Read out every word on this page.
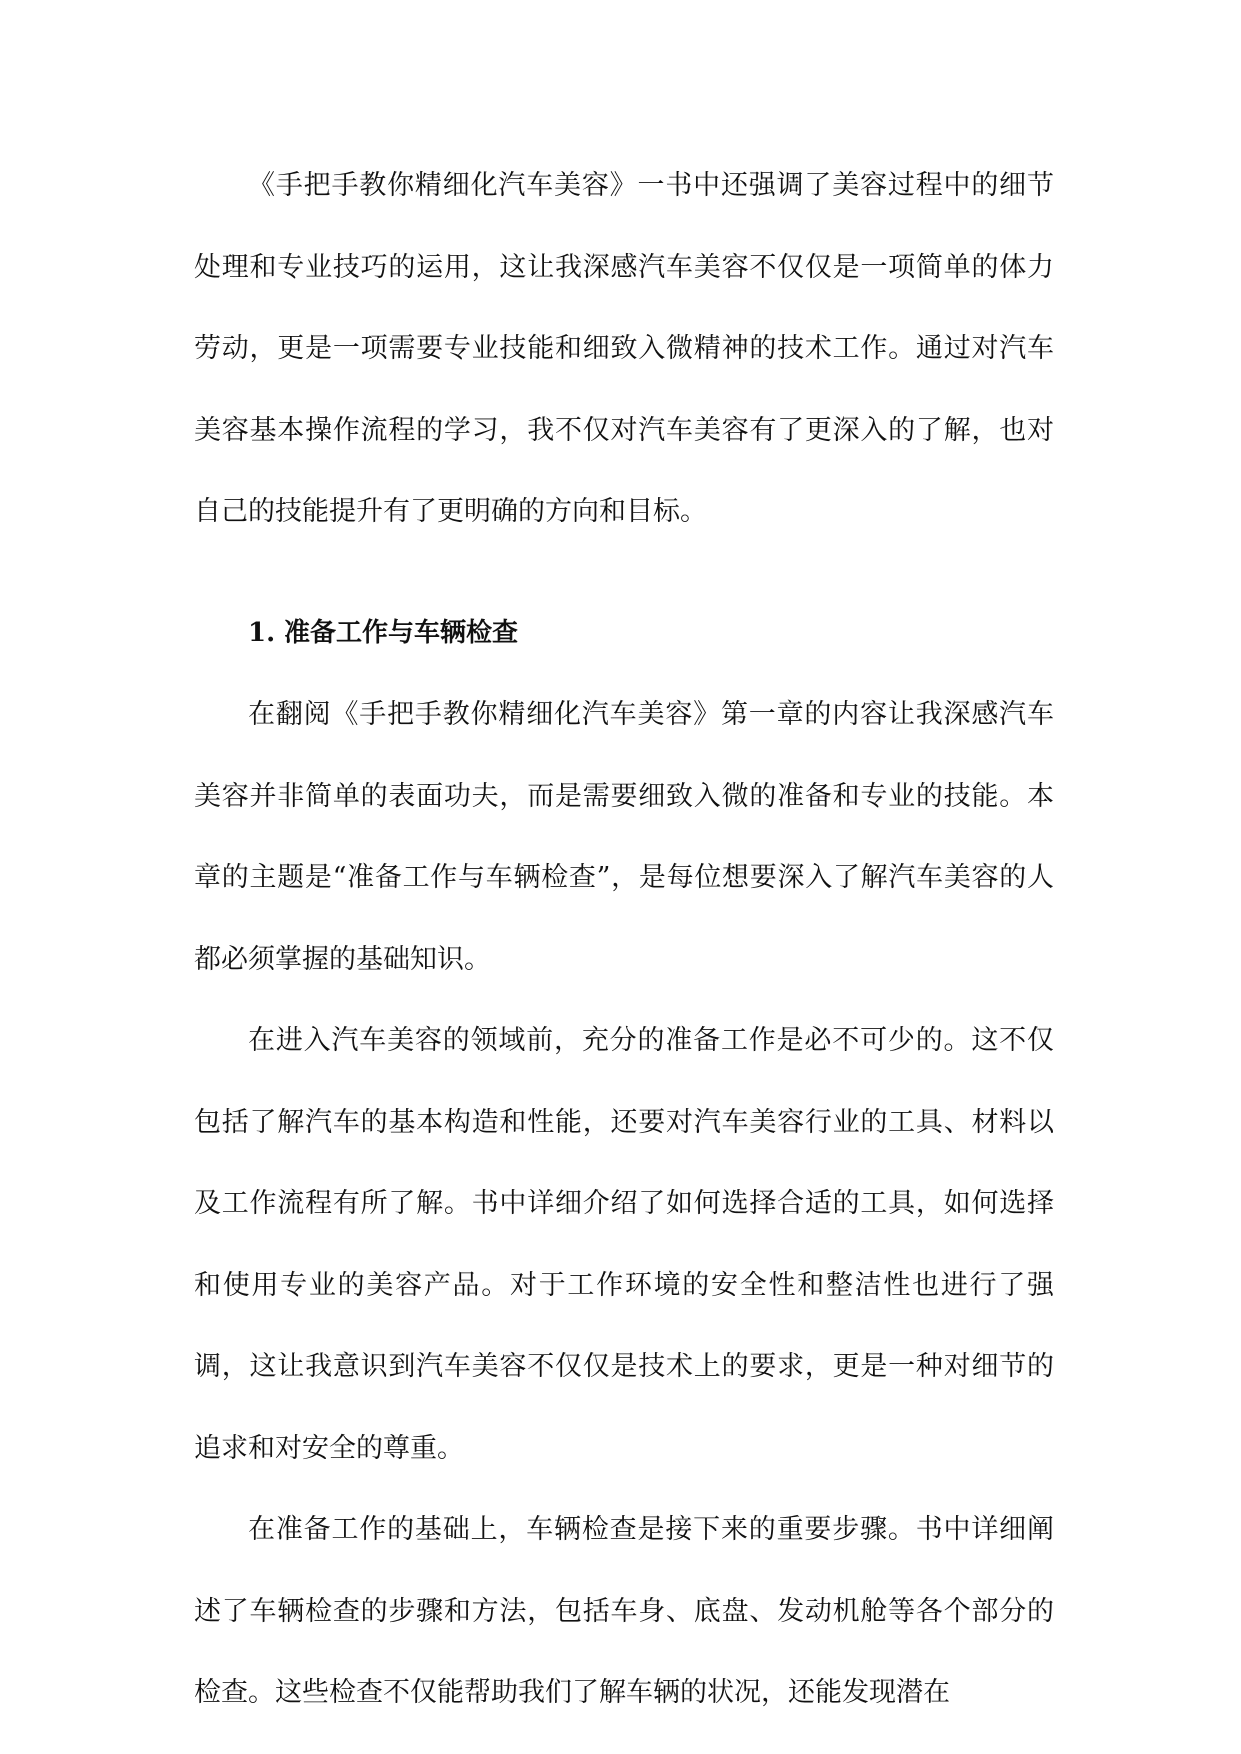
《手把手教你精细化汽车美容》一书中还强调了美容过程中的细节处理和专业技巧的运用，这让我深感汽车美容不仅仅是一项简单的体力劳动，更是一项需要专业技能和细致入微精神的技术工作。通过对汽车美容基本操作流程的学习，我不仅对汽车美容有了更深入的了解，也对自己的技能提升有了更明确的方向和目标。

1. 准备工作与车辆检查

在翻阅《手把手教你精细化汽车美容》第一章的内容让我深感汽车美容并非简单的表面功夫，而是需要细致入微的准备和专业的技能。本章的主题是“准备工作与车辆检查”，是每位想要深入了解汽车美容的人都必须掌握的基础知识。

在进入汽车美容的领域前，充分的准备工作是必不可少的。这不仅包括了解汽车的基本构造和性能，还要对汽车美容行业的工具、材料以及工作流程有所了解。书中详细介绍了如何选择合适的工具，如何选择和使用专业的美容产品。对于工作环境的安全性和整洁性也进行了强调，这让我意识到汽车美容不仅仅是技术上的要求，更是一种对细节的追求和对安全的尊重。

在准备工作的基础上，车辆检查是接下来的重要步骤。书中详细阐述了车辆检查的步骤和方法，包括车身、底盘、发动机舱等各个部分的检查。这些检查不仅能帮助我们了解车辆的状况，还能发现潜在
